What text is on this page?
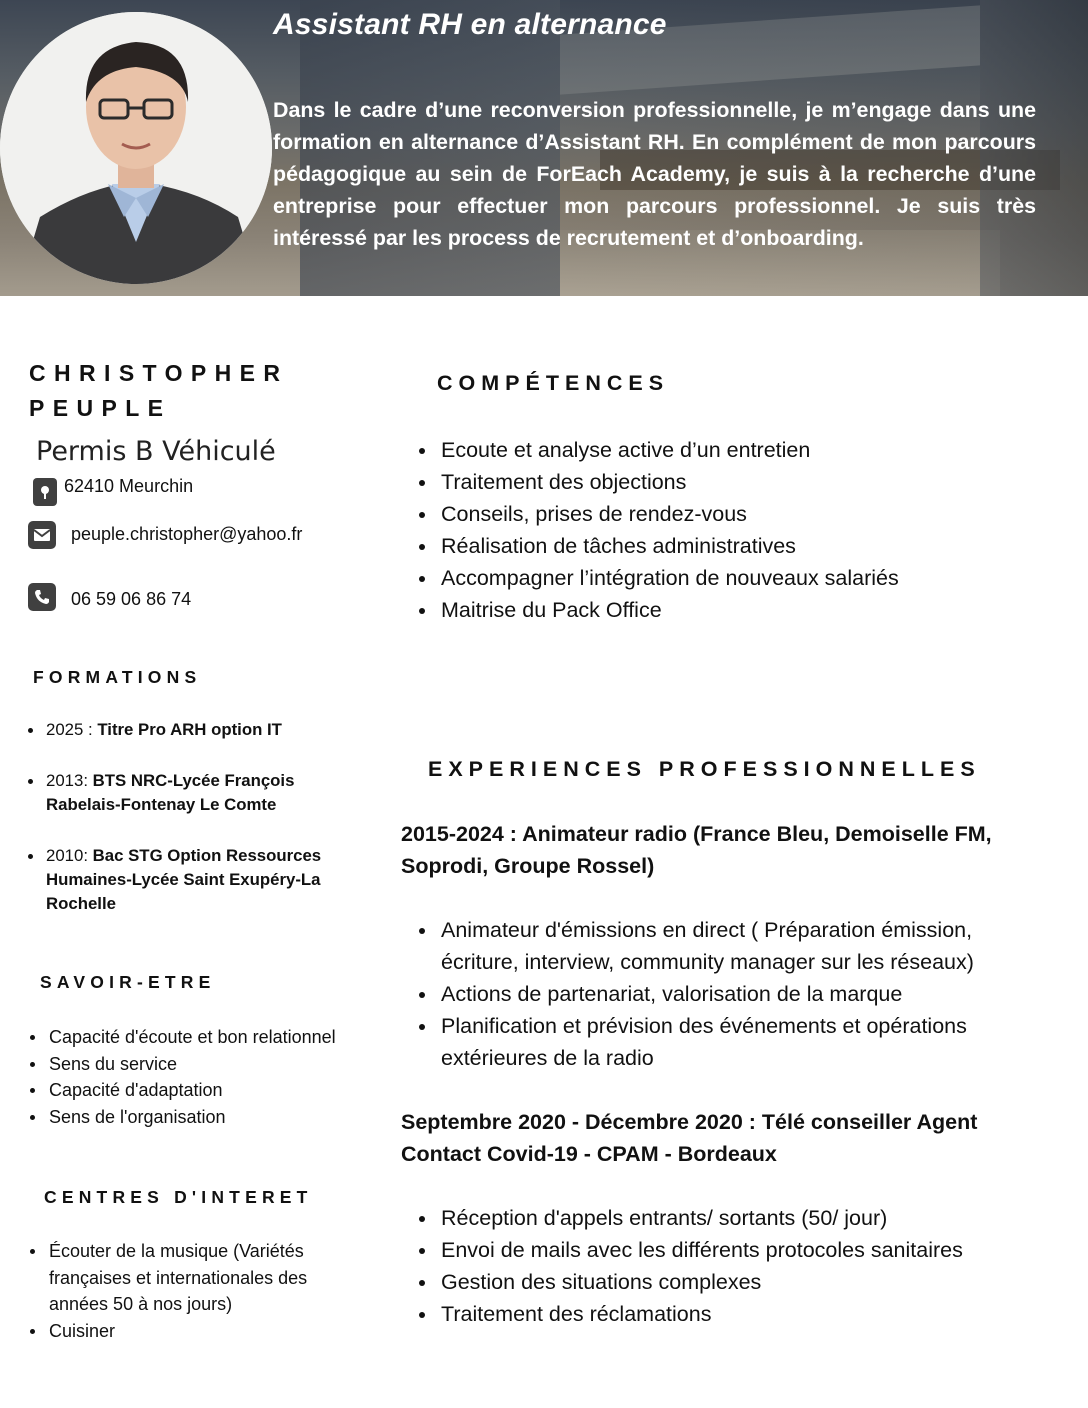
Assistant RH en alternance
Dans le cadre d’une reconversion professionnelle, je m’engage dans une formation en alternance d’Assistant RH. En complément de mon parcours pédagogique au sein de ForEach Academy, je suis à la recherche d’une entreprise pour effectuer mon parcours professionnel. Je suis très intéressé par les process de recrutement et d’onboarding.
CHRISTOPHER
PEUPLE
Permis B Véhiculé
62410 Meurchin
peuple.christopher@yahoo.fr
06 59 06 86 74
FORMATIONS
2025 : Titre Pro ARH option IT
2013: BTS NRC-Lycée François Rabelais-Fontenay Le Comte
2010: Bac STG Option Ressources Humaines-Lycée Saint Exupéry-La Rochelle
SAVOIR-ETRE
Capacité d'écoute et bon relationnel
Sens du service
Capacité d'adaptation
Sens de l'organisation
CENTRES D'INTERET
Écouter de la musique (Variétés françaises et internationales des années 50 à nos jours)
Cuisiner
COMPÉTENCES
Ecoute et analyse active d’un entretien
Traitement des objections
Conseils, prises de rendez-vous
Réalisation de tâches administratives
Accompagner l’intégration de nouveaux salariés
Maitrise du Pack Office
EXPERIENCES PROFESSIONNELLES
2015-2024 : Animateur radio (France Bleu, Demoiselle FM, Soprodi, Groupe Rossel)
Animateur d'émissions en direct ( Préparation émission, écriture, interview, community manager sur les réseaux)
Actions de partenariat, valorisation de la marque
Planification et prévision des événements et opérations extérieures de la radio
Septembre 2020 - Décembre 2020 : Télé conseiller Agent Contact Covid-19 - CPAM - Bordeaux
Réception d'appels entrants/ sortants (50/ jour)
Envoi de mails avec les différents protocoles sanitaires
Gestion des situations complexes
Traitement des réclamations
